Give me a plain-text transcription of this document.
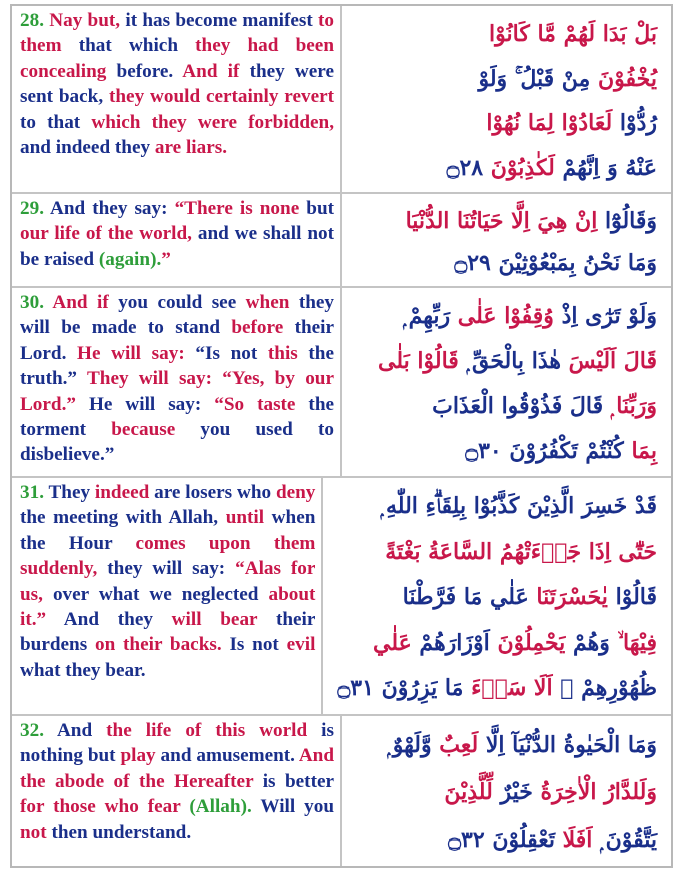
28. Nay but, it has become manifest to them that which they had been concealing before. And if they were sent back, they would certainly revert to that which they were forbidden, and indeed they are liars.
بَلْ بَدَا لَهُمْ مَّا كَانُوْا
يُخْفُوْنَ مِنْ قَبْلُ ۚ وَلَوْ
رُدُّوْا لَعَادُوْا لِمَا نُهُوْا
عَنْهُ وَ اِنَّهُمْ لَكٰذِبُوْنَ ۝٢٨
29. And they say: “There is none but our life of the world, and we shall not be raised (again).”
وَقَالُوْٓا اِنْ هِيَ اِلَّا حَيَاتُنَا الدُّنْيَا
وَمَا نَحْنُ بِمَبْعُوْثِيْنَ ۝٢٩
30. And if you could see when they will be made to stand before their Lord. He will say: “Is not this the truth.” They will say: “Yes, by our Lord.” He will say: “So taste the torment because you used to disbelieve.”
وَلَوْ تَرٰٓى اِذْ وُقِفُوْا عَلٰى رَبِّهِمْ ۭ
قَالَ اَلَيْسَ هٰذَا بِالْحَقِّ ۭ قَالُوْا بَلٰى
وَرَبِّنَا ۭ قَالَ فَذُوْقُوا الْعَذَابَ
بِمَا كُنْتُمْ تَكْفُرُوْنَ ۝٣٠
31. They indeed are losers who deny the meeting with Allah, until when the Hour comes upon them suddenly, they will say: “Alas for us, over what we neglected about it.” And they will bear their burdens on their backs. Is not evil what they bear.
قَدْ خَسِرَ الَّذِيْنَ كَذَّبُوْا بِلِقَاۗءِ اللّٰهِ ۭ
حَتّٰٓى اِذَا جَاۗءَتْهُمُ السَّاعَةُ بَغْتَةً
قَالُوْا يٰحَسْرَتَنَا عَلٰي مَا فَرَّطْنَا
فِيْهَا ۙ وَهُمْ يَحْمِلُوْنَ اَوْزَارَهُمْ عَلٰي
ظُهُوْرِهِمْ ۭ اَلَا سَاۗءَ مَا يَزِرُوْنَ ۝٣١
32. And the life of this world is nothing but play and amusement. And the abode of the Hereafter is better for those who fear (Allah). Will you not then understand.
وَمَا الْحَيٰوةُ الدُّنْيَآ اِلَّا لَعِبٌ وَّلَهْوٌ ۭ
وَلَلدَّارُ الْاٰخِرَةُ خَيْرٌ لِّلَّذِيْنَ
يَتَّقُوْنَ ۭ اَفَلَا تَعْقِلُوْنَ ۝٣٢
